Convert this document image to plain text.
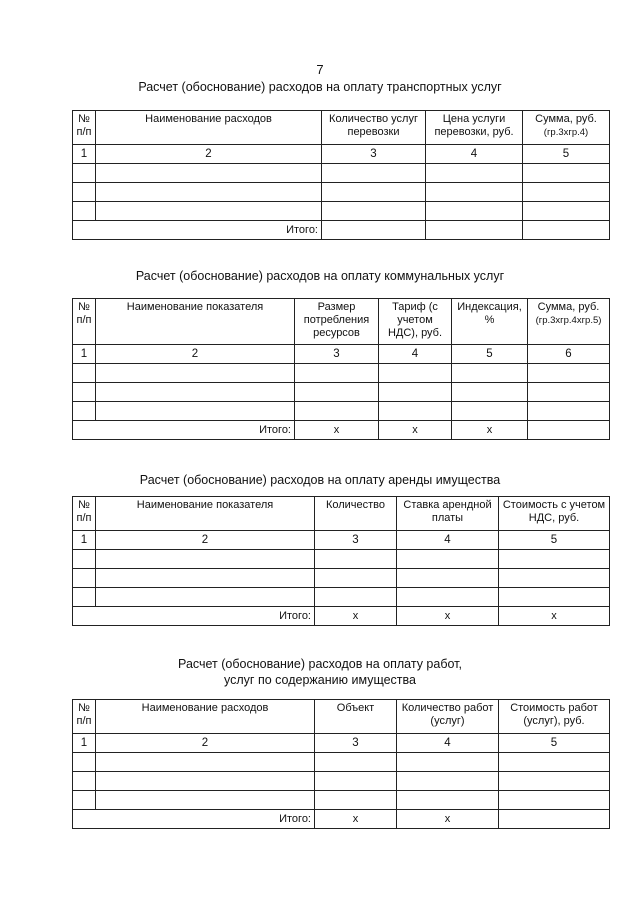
7
Расчет (обоснование) расходов на оплату транспортных услуг
№ п/п	Наименование расходов	Количество услуг перевозки	Цена услуги перевозки, руб.	Сумма, руб.
(гр.3хгр.4)

1	2	3	4	5

Итого:				
Расчет (обоснование) расходов на оплату коммунальных услуг
№ п/п	Наименование показателя	Размер потребления ресурсов	Тариф (с учетом НДС), руб.	Индексация, %	Сумма, руб.
(гр.3хгр.4хгр.5)

1	2	3	4	5	6

Итого:		x	x	x	
Расчет (обоснование) расходов на оплату аренды имущества
№ п/п	Наименование показателя	Количество	Ставка арендной платы	Стоимость с учетом НДС, руб.
1	2	3	4	5

Итого:		x	x	x
Расчет (обоснование) расходов на оплату работ,
услуг по содержанию имущества
№ п/п	Наименование расходов	Объект	Количество работ (услуг)	Стоимость работ (услуг), руб.
1	2	3	4	5

Итого:		x	x	
